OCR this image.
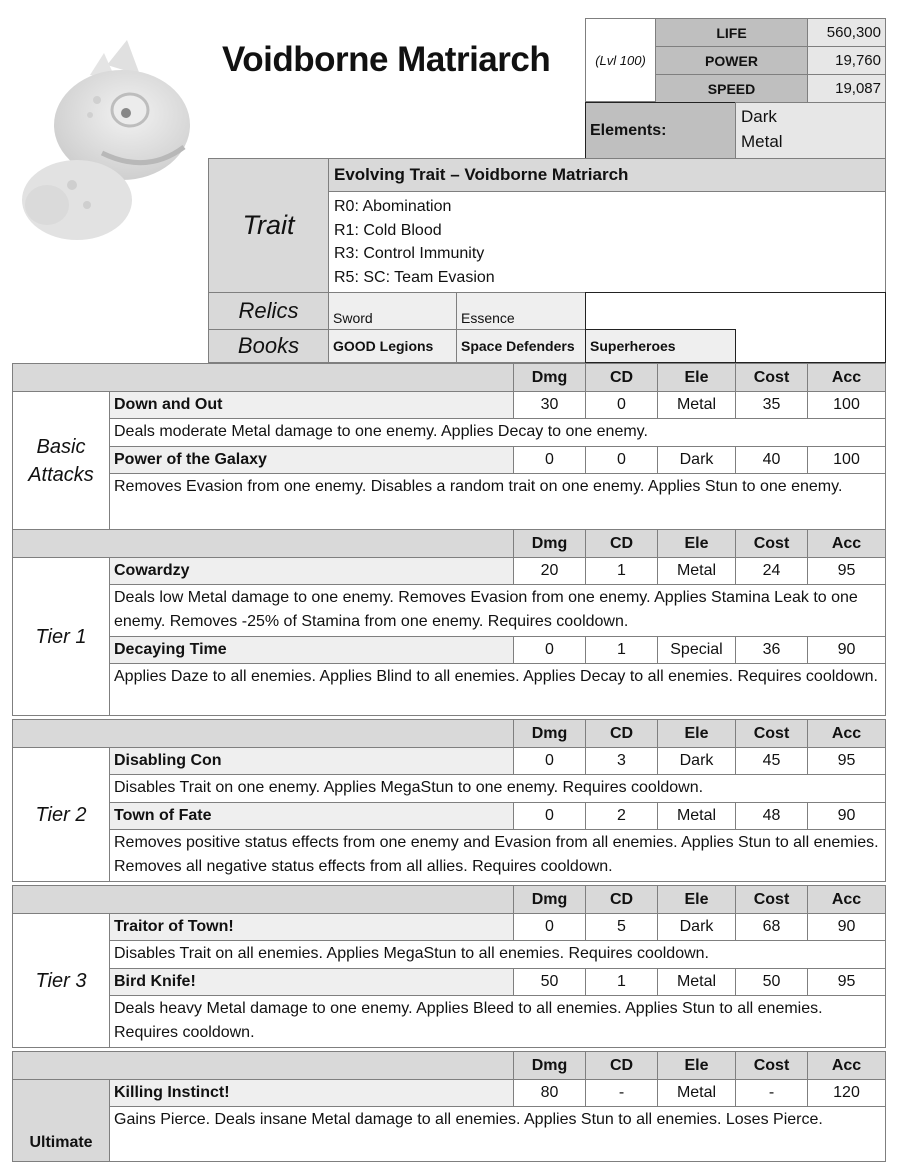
Voidborne Matriarch	(Lvl 100)
LIFE	560,300
POWER	19,760
SPEED	19,087
Elements:
Dark
Metal
Trait
Evolving Trait – Voidborne Matriarch
R0: Abomination
R1: Cold Blood
R3: Control Immunity
R5: SC: Team Evasion
Relics	Sword	Essence
Books	GOOD Legions	Space Defenders	Superheroes
Dmg	CD	Ele	Cost	Acc
Basic Attacks
Down and Out	30	0	Metal	35	100
Deals moderate Metal damage to one enemy. Applies Decay to one enemy.
Power of the Galaxy	0	0	Dark	40	100
Removes Evasion from one enemy. Disables a random trait on one enemy. Applies Stun to one enemy.
Dmg	CD	Ele	Cost	Acc
Tier 1
Cowardzy	20	1	Metal	24	95
Deals low Metal damage to one enemy. Removes Evasion from one enemy. Applies Stamina Leak to one enemy. Removes -25% of Stamina from one enemy. Requires cooldown.
Decaying Time	0	1	Special	36	90
Applies Daze to all enemies. Applies Blind to all enemies. Applies Decay to all enemies. Requires cooldown.
Dmg	CD	Ele	Cost	Acc
Tier 2
Disabling Con	0	3	Dark	45	95
Disables Trait on one enemy. Applies MegaStun to one enemy. Requires cooldown.
Town of Fate	0	2	Metal	48	90
Removes positive status effects from one enemy and Evasion from all enemies. Applies Stun to all enemies. Removes all negative status effects from all allies. Requires cooldown.
Dmg	CD	Ele	Cost	Acc
Tier 3
Traitor of Town!	0	5	Dark	68	90
Disables Trait on all enemies. Applies MegaStun to all enemies. Requires cooldown.
Bird Knife!	50	1	Metal	50	95
Deals heavy Metal damage to one enemy. Applies Bleed to all enemies. Applies Stun to all enemies. Requires cooldown.
Dmg	CD	Ele	Cost	Acc
Ultimate
Killing Instinct!	80	-	Metal	-	120
Gains Pierce. Deals insane Metal damage to all enemies. Applies Stun to all enemies. Loses Pierce.
